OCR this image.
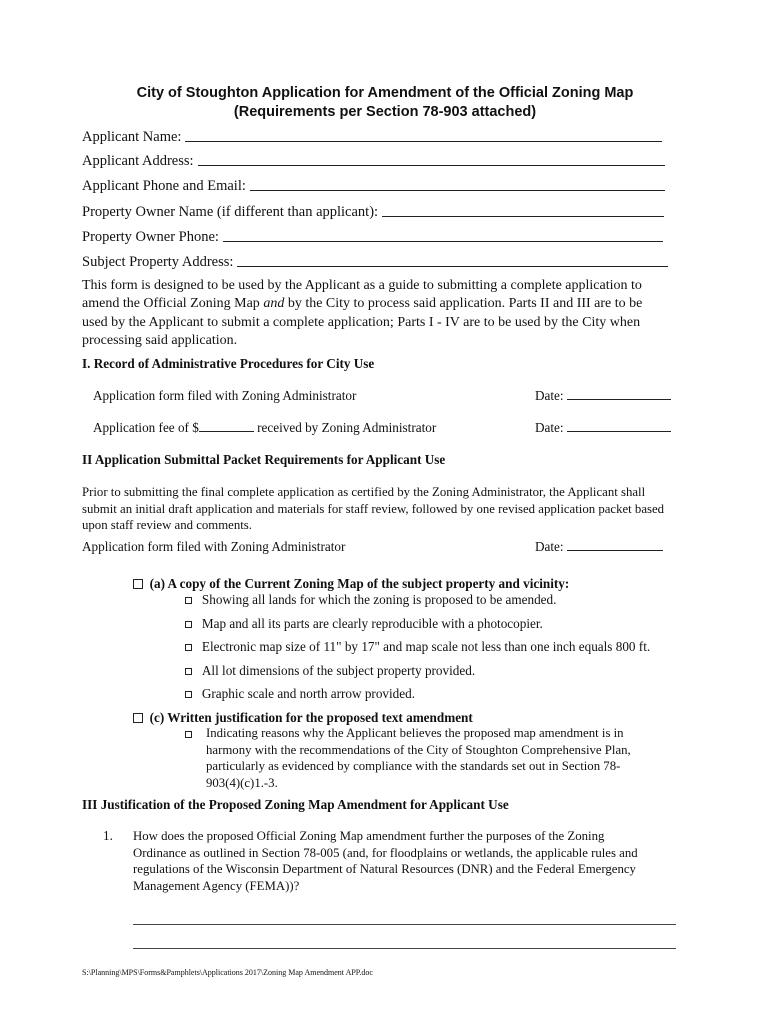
City of Stoughton Application for Amendment of the Official Zoning Map
(Requirements per Section 78-903 attached)
Applicant Name:
Applicant Address:
Applicant Phone and Email:
Property Owner Name (if different than applicant):
Property Owner Phone:
Subject Property Address:
This form is designed to be used by the Applicant as a guide to submitting a complete application to
amend the Official Zoning Map and by the City to process said application. Parts II and III are to be
used by the Applicant to submit a complete application; Parts I - IV are to be used by the City when
processing said application.
I. Record of Administrative Procedures for City Use
Application form filed with Zoning Administrator	Date:
Application fee of $	received by Zoning Administrator	Date:
II Application Submittal Packet Requirements for Applicant Use
Prior to submitting the final complete application as certified by the Zoning Administrator, the Applicant shall
submit an initial draft application and materials for staff review, followed by one revised application packet based
upon staff review and comments.
Application form filed with Zoning Administrator	Date:
(a) A copy of the Current Zoning Map of the subject property and vicinity:
Showing all lands for which the zoning is proposed to be amended.
Map and all its parts are clearly reproducible with a photocopier.
Electronic map size of 11" by 17" and map scale not less than one inch equals 800 ft.
All lot dimensions of the subject property provided.
Graphic scale and north arrow provided.
(c) Written justification for the proposed text amendment
Indicating reasons why the Applicant believes the proposed map amendment is in
harmony with the recommendations of the City of Stoughton Comprehensive Plan,
particularly as evidenced by compliance with the standards set out in Section 78-
903(4)(c)1.-3.
III Justification of the Proposed Zoning Map Amendment for Applicant Use
1. How does the proposed Official Zoning Map amendment further the purposes of the Zoning
Ordinance as outlined in Section 78-005 (and, for floodplains or wetlands, the applicable rules and
regulations of the Wisconsin Department of Natural Resources (DNR) and the Federal Emergency
Management Agency (FEMA))?
S:\Planning\MPS\Forms&Pamphlets\Applications 2017\Zoning Map Amendment APP.doc
